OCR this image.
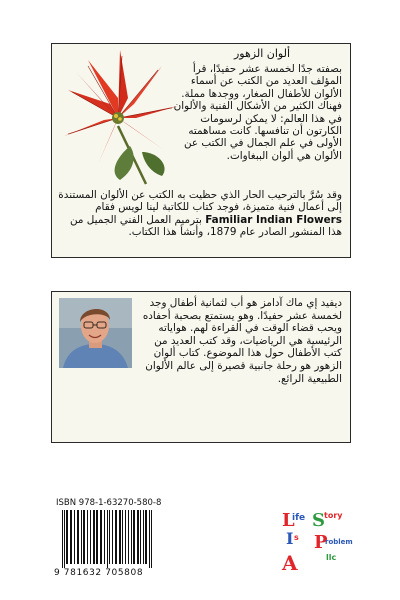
ألوان الزهور

بصفته جدًا لخمسة عشر حفيدًا، قرأ المؤلف العديد من الكتب عن أسماء الألوان للأطفال الصغار، ووجدها مملة. فهناك الكثير من الأشكال الفنية والألوان في هذا العالم: لا يمكن لرسومات الكارتون أن تنافسها. كانت مساهمته الأولى في علم الجمال في الكتب عن الألوان هي ألوان الببغاوات.

وقد سُرَّ بالترحيب الحار الذي حظيت به الكتب عن الألوان المستندة إلى أعمال فنية متميزة، فوجد كتاب للكاتبة لينا لويس فقام Familiar Indian Flowers بترميم العمل الفني الجميل من هذا المنشور الصادر عام 1879، وأنشأ هذا الكتاب.

ديفيد إي ماك آدامز هو أب لثمانية أطفال وجد لخمسة عشر حفيدًا. وهو يستمتع بصحبة أحفاده ويحب قضاء الوقت في القراءة لهم. هواياته الرئيسية هي الرياضيات، وقد كتب العديد من كتب الأطفال حول هذا الموضوع. كتاب ألوان الزهور هو رحلة جانبية قصيرة إلى عالم الألوان الطبيعية الرائع.

ISBN 978-1-63270-580-8
9 781632 705808
L
ife S tory
I s P
roblem
A	llc
